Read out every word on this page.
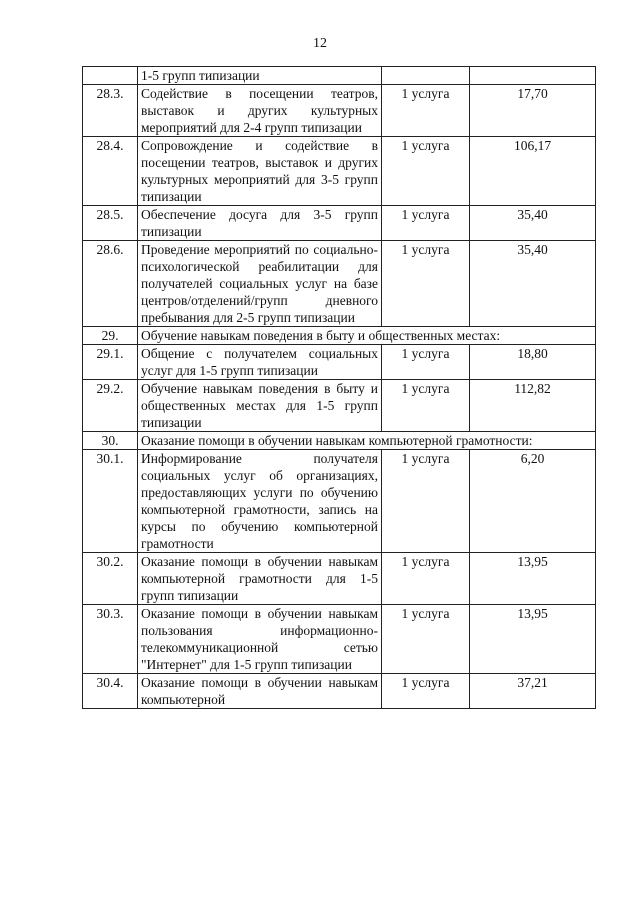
12
	1-5 групп типизации		
28.3.	Содействие в посещении театров, выставок и других культурных мероприятий для 2-4 групп типизации	1 услуга	17,70
28.4.	Сопровождение и содействие в посещении театров, выставок и других культурных мероприятий для 3-5 групп типизации	1 услуга	106,17
28.5.	Обеспечение досуга для 3-5 групп типизации	1 услуга	35,40
28.6.	Проведение мероприятий по социально-психологической реабилитации для получателей социальных услуг на базе центров/отделений/групп дневного пребывания для 2-5 групп типизации	1 услуга	35,40
29.	Обучение навыкам поведения в быту и общественных местах:		
29.1.	Общение с получателем социальных услуг для 1-5 групп типизации	1 услуга	18,80
29.2.	Обучение навыкам поведения в быту и общественных местах для 1-5 групп типизации	1 услуга	112,82
30.	Оказание помощи в обучении навыкам компьютерной грамотности:		
30.1.	Информирование получателя социальных услуг об организациях, предоставляющих услуги по обучению компьютерной грамотности, запись на курсы по обучению компьютерной грамотности	1 услуга	6,20
30.2.	Оказание помощи в обучении навыкам компьютерной грамотности для 1-5 групп типизации	1 услуга	13,95
30.3.	Оказание помощи в обучении навыкам пользования информационно-телекоммуникационной сетью "Интернет" для 1-5 групп типизации	1 услуга	13,95
30.4.	Оказание помощи в обучении навыкам компьютерной	1 услуга	37,21
